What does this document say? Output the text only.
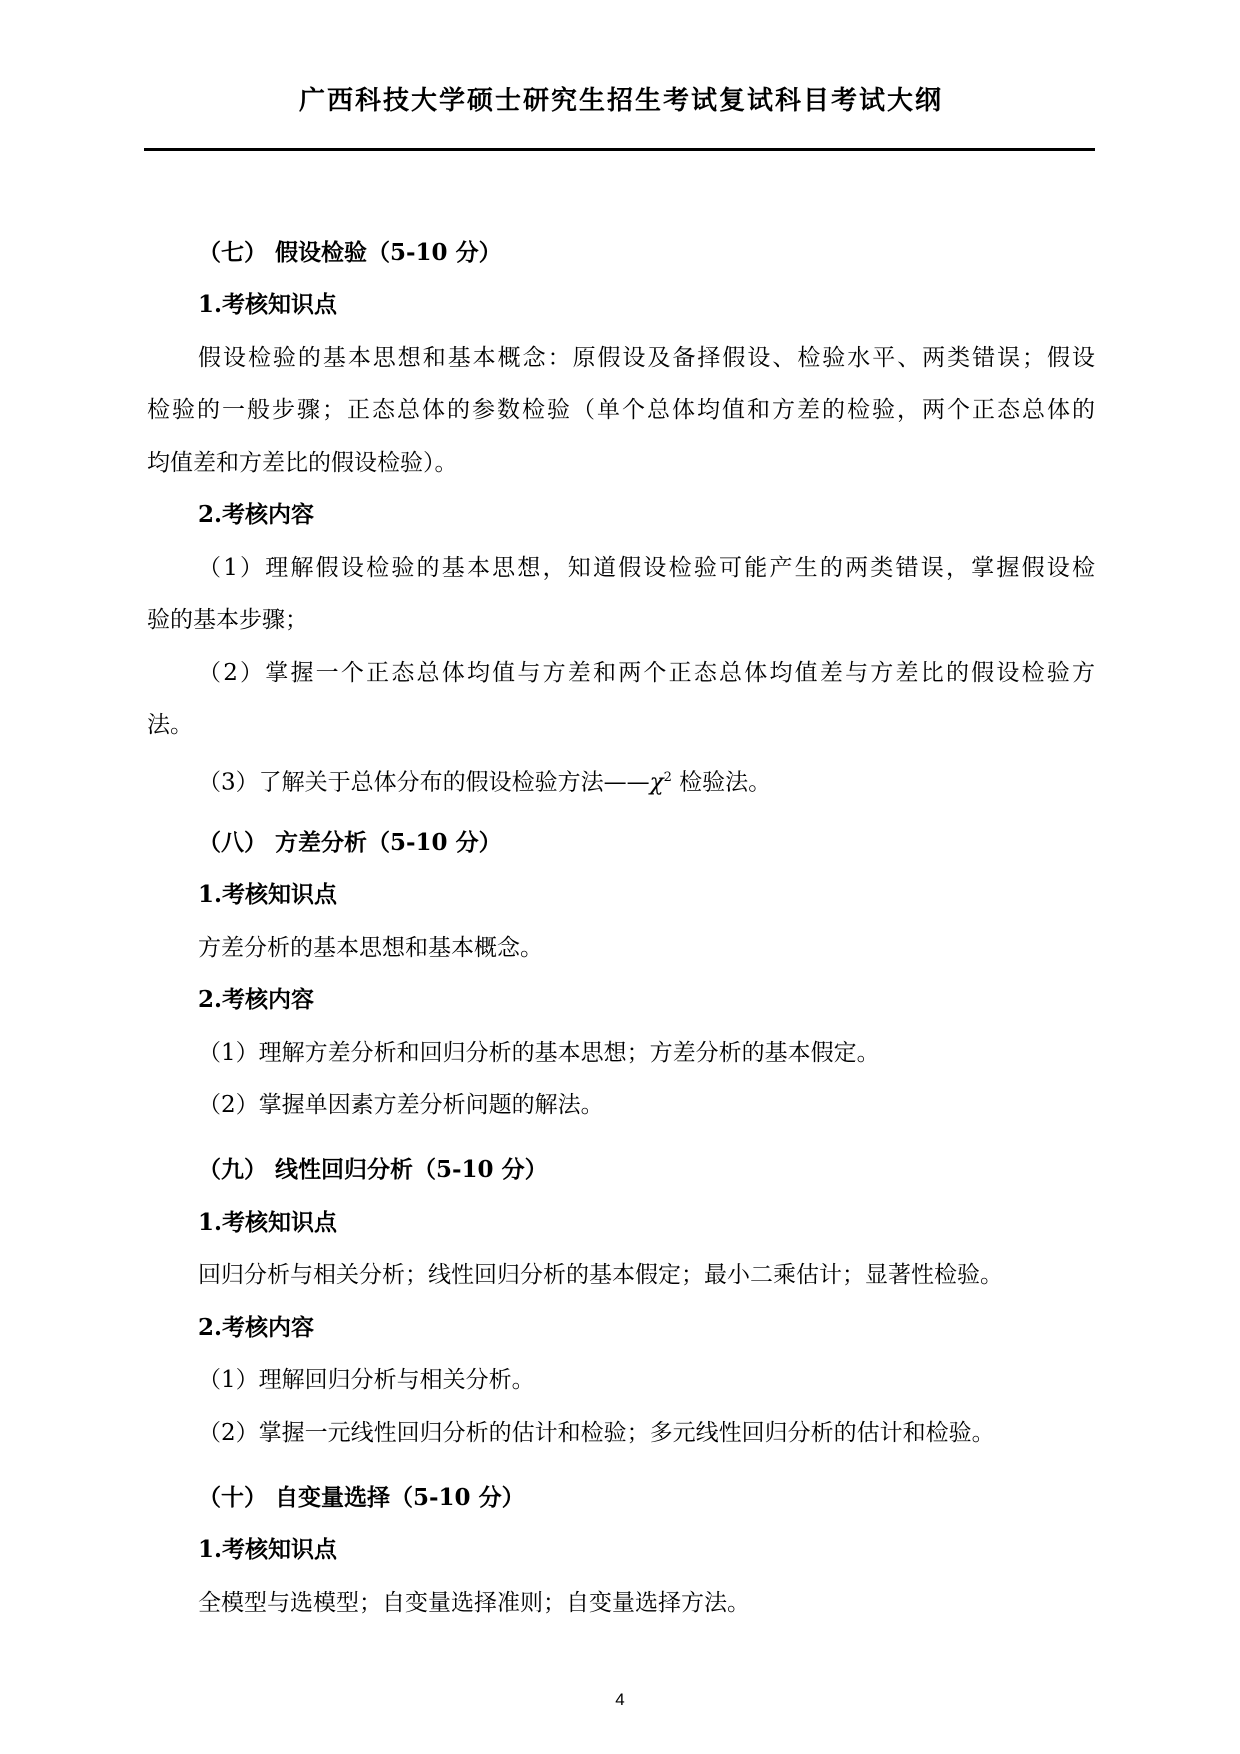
广西科技大学硕士研究生招生考试复试科目考试大纲
（七） 假设检验（5-10 分）
1.考核知识点
假设检验的基本思想和基本概念：原假设及备择假设、检验水平、两类错误；假设
检验的一般步骤；正态总体的参数检验（单个总体均值和方差的检验，两个正态总体的
均值差和方差比的假设检验）。
2.考核内容
（1）理解假设检验的基本思想，知道假设检验可能产生的两类错误，掌握假设检
验的基本步骤；
（2）掌握一个正态总体均值与方差和两个正态总体均值差与方差比的假设检验方
法。
（3）了解关于总体分布的假设检验方法$——\chi^2$ 检验法。
（八） 方差分析（5-10 分）
1.考核知识点
方差分析的基本思想和基本概念。
2.考核内容
（1）理解方差分析和回归分析的基本思想；方差分析的基本假定。
（2）掌握单因素方差分析问题的解法。
（九） 线性回归分析（5-10 分）
1.考核知识点
回归分析与相关分析；线性回归分析的基本假定；最小二乘估计；显著性检验。
2.考核内容
（1）理解回归分析与相关分析。
（2）掌握一元线性回归分析的估计和检验；多元线性回归分析的估计和检验。
（十） 自变量选择（5-10 分）
1.考核知识点
全模型与选模型；自变量选择准则；自变量选择方法。
4
